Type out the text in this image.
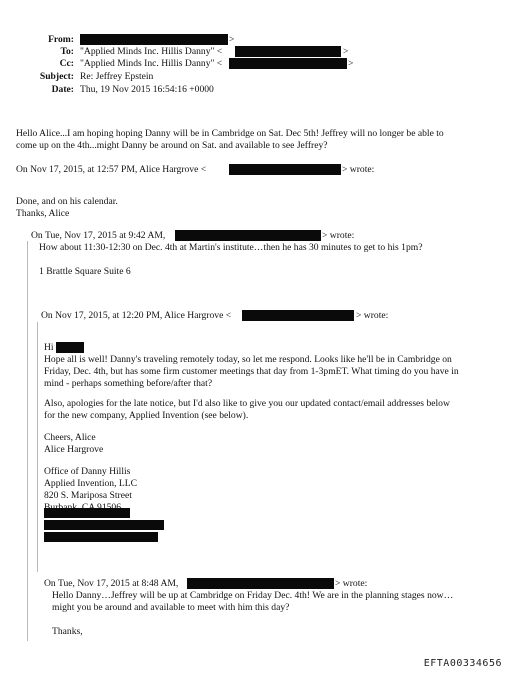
From:	>
To: "Applied Minds Inc. Hillis Danny" <	>
Cc: "Applied Minds Inc. Hillis Danny" <	>
Subject: Re: Jeffrey Epstein
Date: Thu, 19 Nov 2015 16:54:16 +0000
Hello Alice...I am hoping hoping Danny will be in Cambridge on Sat. Dec 5th! Jeffrey will no longer be able to
come up on the 4th...might Danny be around on Sat. and available to see Jeffrey?
On Nov 17, 2015, at 12:57 PM, Alice Hargrove <	> wrote:
Done, and on his calendar.
Thanks, Alice
On Tue, Nov 17, 2015 at 9:42 AM,	> wrote:
How about 11:30-12:30 on Dec. 4th at Martin's institute…then he has 30 minutes to get to his 1pm?
1 Brattle Square Suite 6
On Nov 17, 2015, at 12:20 PM, Alice Hargrove <	> wrote:
Hi
Hope all is well! Danny's traveling remotely today, so let me respond. Looks like he'll be in Cambridge on
Friday, Dec. 4th, but has some firm customer meetings that day from 1-3pmET. What timing do you have in
mind - perhaps something before/after that?
Also, apologies for the late notice, but I'd also like to give you our updated contact/email addresses below
for the new company, Applied Invention (see below).
Cheers, Alice
Alice Hargrove
Office of Danny Hillis
Applied Invention, LLC
820 S. Mariposa Street
On Tue, Nov 17, 2015 at 8:48 AM,	> wrote:
Hello Danny…Jeffrey will be up at Cambridge on Friday Dec. 4th! We are in the planning stages now…
might you be around and available to meet with him this day?
Thanks,
EFTA00334656
